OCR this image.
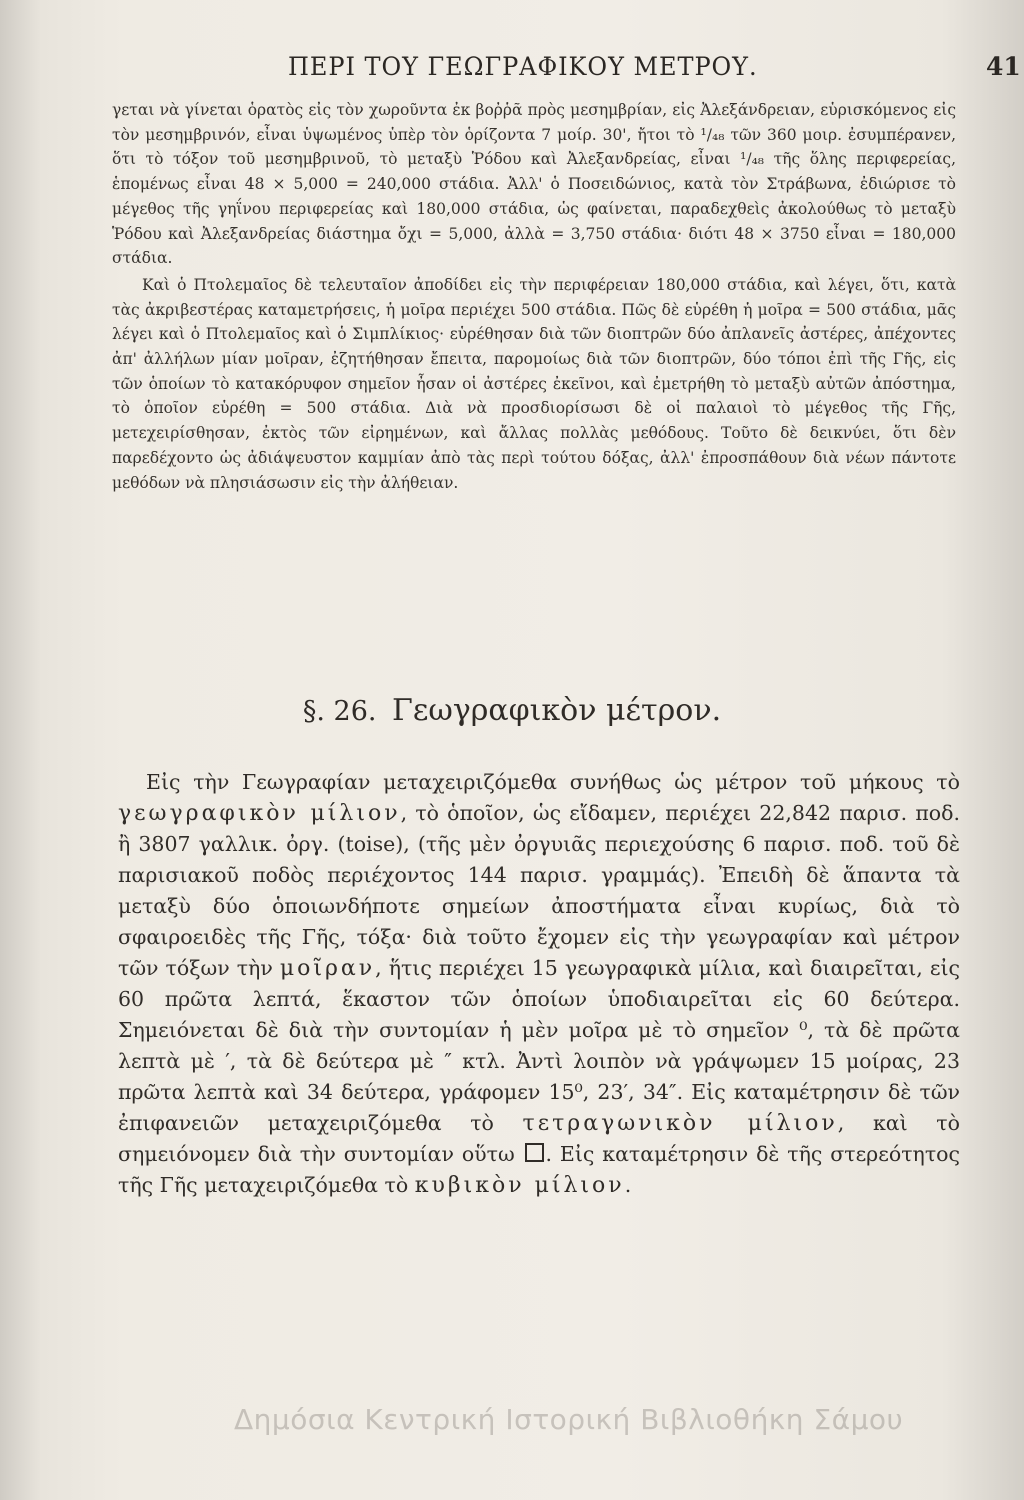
ΠΕΡΙ ΤΟΥ ΓΕΩΓΡΑΦΙΚΟΥ ΜΕΤΡΟΥ.	41

γεται νὰ γίνεται ὁρατὸς εἰς τὸν χωροῦντα ἐκ βοῤῥᾶ πρὸς μεσημβρίαν, εἰς Ἀλεξάνδρειαν, εὑρισκόμενος εἰς τὸν μεσημβρινόν, εἶναι ὑψωμένος ὑπὲρ τὸν ὁρίζοντα 7 μοίρ. 30', ἤτοι τὸ ¹/₄₈ τῶν 360 μοιρ. ἐσυμπέρανεν, ὅτι τὸ τόξον τοῦ μεσημβρινοῦ, τὸ μεταξὺ Ῥόδου καὶ Ἀλεξανδρείας, εἶναι ¹/₄₈ τῆς ὅλης περιφερείας, ἑπομένως εἶναι 48 × 5,000 = 240,000 στάδια. Ἀλλ' ὁ Ποσειδώνιος, κατὰ τὸν Στράβωνα, ἐδιώρισε τὸ μέγεθος τῆς γηΐνου περιφερείας καὶ 180,000 στάδια, ὡς φαίνεται, παραδεχθεὶς ἀκολούθως τὸ μεταξὺ Ῥόδου καὶ Ἀλεξανδρείας διάστημα ὄχι = 5,000, ἀλλὰ = 3,750 στάδια· διότι 48 × 3750 εἶναι = 180,000 στάδια.

Καὶ ὁ Πτολεμαῖος δὲ τελευταῖον ἀποδίδει εἰς τὴν περιφέρειαν 180,000 στάδια, καὶ λέγει, ὅτι, κατὰ τὰς ἀκριβεστέρας καταμετρήσεις, ἡ μοῖρα περιέχει 500 στάδια. Πῶς δὲ εὑρέθη ἡ μοῖρα = 500 στάδια, μᾶς λέγει καὶ ὁ Πτολεμαῖος καὶ ὁ Σιμπλίκιος· εὑρέθησαν διὰ τῶν διοπτρῶν δύο ἀπλανεῖς ἀστέρες, ἀπέχοντες ἀπ' ἀλλήλων μίαν μοῖραν, ἐζητήθησαν ἔπειτα, παρομοίως διὰ τῶν διοπτρῶν, δύο τόποι ἐπὶ τῆς Γῆς, εἰς τῶν ὁποίων τὸ κατακόρυφον σημεῖον ἦσαν οἱ ἀστέρες ἐκεῖνοι, καὶ ἐμετρήθη τὸ μεταξὺ αὐτῶν ἀπόστημα, τὸ ὁποῖον εὑρέθη = 500 στάδια. Διὰ νὰ προσδιορίσωσι δὲ οἱ παλαιοὶ τὸ μέγεθος τῆς Γῆς, μετεχειρίσθησαν, ἐκτὸς τῶν εἰρημένων, καὶ ἄλλας πολλὰς μεθόδους. Τοῦτο δὲ δεικνύει, ὅτι δὲν παρεδέχοντο ὡς ἀδιάψευστον καμμίαν ἀπὸ τὰς περὶ τούτου δόξας, ἀλλ' ἐπροσπάθουν διὰ νέων πάντοτε μεθόδων νὰ πλησιάσωσιν εἰς τὴν ἀλήθειαν.

§. 26. Γεωγραφικὸν μέτρον.

Εἰς τὴν Γεωγραφίαν μεταχειριζόμεθα συνήθως ὡς μέτρον τοῦ μήκους τὸ γεωγραφικὸν μίλιον, τὸ ὁποῖον, ὡς εἴδαμεν, περιέχει 22,842 παρισ. ποδ. ἢ 3807 γαλλικ. ὀργ. (toise), (τῆς μὲν ὀργυιᾶς περιεχούσης 6 παρισ. ποδ. τοῦ δὲ παρισιακοῦ ποδὸς περιέχοντος 144 παρισ. γραμμάς). Ἐπειδὴ δὲ ἅπαντα τὰ μεταξὺ δύο ὁποιωνδήποτε σημείων ἀποστήματα εἶναι κυρίως, διὰ τὸ σφαιροειδὲς τῆς Γῆς, τόξα· διὰ τοῦτο ἔχομεν εἰς τὴν γεωγραφίαν καὶ μέτρον τῶν τόξων τὴν μοῖραν, ἥτις περιέχει 15 γεωγραφικὰ μίλια, καὶ διαιρεῖται, εἰς 60 πρῶτα λεπτά, ἕκαστον τῶν ὁποίων ὑποδιαιρεῖται εἰς 60 δεύτερα. Σημειόνεται δὲ διὰ τὴν συντομίαν ἡ μὲν μοῖρα μὲ τὸ σημεῖον ⁰, τὰ δὲ πρῶτα λεπτὰ μὲ ′, τὰ δὲ δεύτερα μὲ ″ κτλ. Ἀντὶ λοιπὸν νὰ γράψωμεν 15 μοίρας, 23 πρῶτα λεπτὰ καὶ 34 δεύτερα, γράφομεν 15⁰, 23′, 34″. Εἰς καταμέτρησιν δὲ τῶν ἐπιφανειῶν μεταχειριζόμεθα τὸ τετραγωνικὸν μίλιον, καὶ τὸ σημειόνομεν διὰ τὴν συντομίαν οὕτω . Εἰς καταμέτρησιν δὲ τῆς στερεότητος τῆς Γῆς μεταχειριζόμεθα τὸ κυβικὸν μίλιον.

Δημόσια Κεντρική Ιστορική Βιβλιοθήκη Σάμου
